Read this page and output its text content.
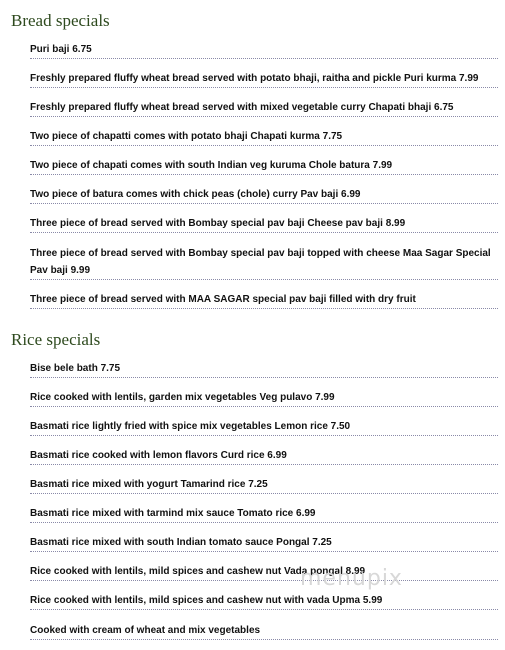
Bread specials
Puri baji 6.75
Freshly prepared fluffy wheat bread served with potato bhaji, raitha and pickle Puri kurma 7.99
Freshly prepared fluffy wheat bread served with mixed vegetable curry Chapati bhaji 6.75
Two piece of chapatti comes with potato bhaji Chapati kurma 7.75
Two piece of chapati comes with south Indian veg kuruma Chole batura 7.99
Two piece of batura comes with chick peas (chole) curry Pav baji 6.99
Three piece of bread served with Bombay special pav baji Cheese pav baji 8.99
Three piece of bread served with Bombay special pav baji topped with cheese Maa Sagar Special Pav baji 9.99
Three piece of bread served with MAA SAGAR special pav baji filled with dry fruit
Rice specials
Bise bele bath 7.75
Rice cooked with lentils, garden mix vegetables Veg pulavo 7.99
Basmati rice lightly fried with spice mix vegetables Lemon rice 7.50
Basmati rice cooked with lemon flavors Curd rice 6.99
Basmati rice mixed with yogurt Tamarind rice 7.25
Basmati rice mixed with tarmind mix sauce Tomato rice 6.99
Basmati rice mixed with south Indian tomato sauce Pongal 7.25
Rice cooked with lentils, mild spices and cashew nut Vada pongal 8.99
Rice cooked with lentils, mild spices and cashew nut with vada Upma 5.99
Cooked with cream of wheat and mix vegetables
menupix
